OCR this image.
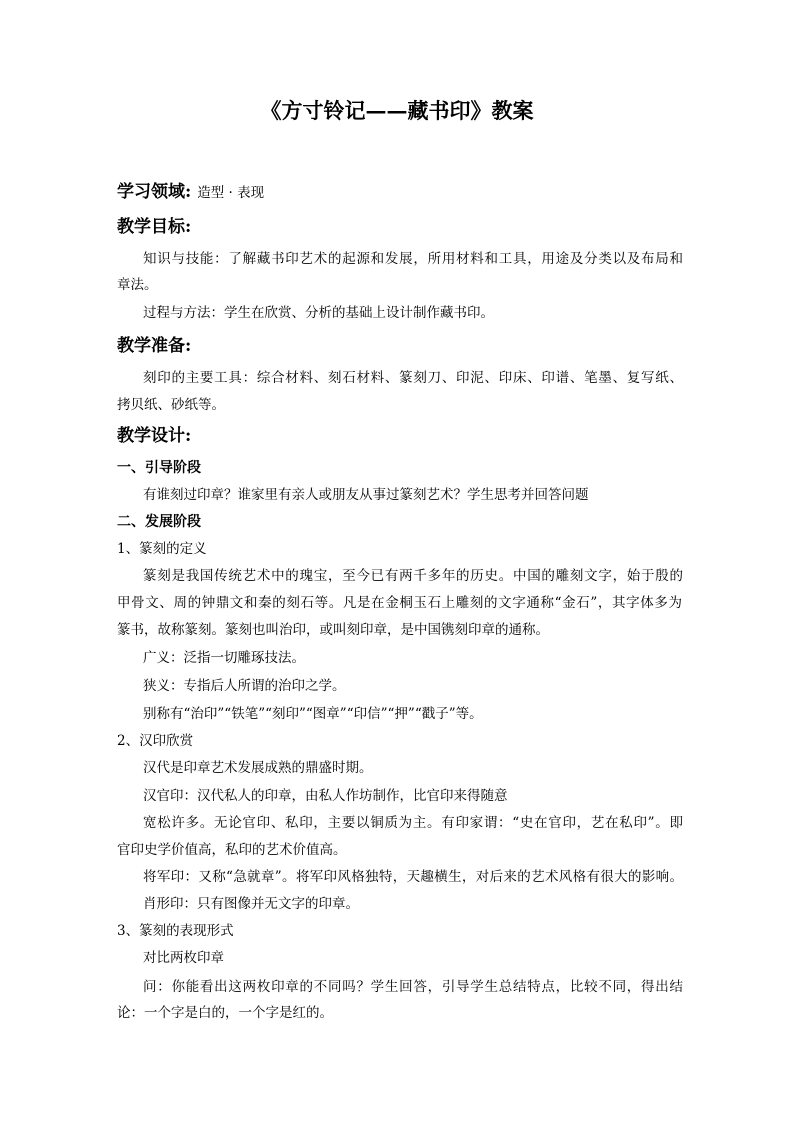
《方寸铃记——藏书印》教案
学习领域: 造型 · 表现
教学目标:
知识与技能：了解藏书印艺术的起源和发展，所用材料和工具，用途及分类以及布局和
章法。
过程与方法：学生在欣赏、分析的基础上设计制作藏书印。
教学准备:
刻印的主要工具：综合材料、刻石材料、篆刻刀、印泥、印床、印谱、笔墨、复写纸、
拷贝纸、砂纸等。
教学设计:
一、引导阶段
有谁刻过印章？谁家里有亲人或朋友从事过篆刻艺术？学生思考并回答问题
二、发展阶段
1、篆刻的定义
篆刻是我国传统艺术中的瑰宝，至今已有两千多年的历史。中国的雕刻文字，始于殷的
甲骨文、周的钟鼎文和秦的刻石等。凡是在金桐玉石上雕刻的文字通称“金石”，其字体多为
篆书，故称篆刻。篆刻也叫治印，或叫刻印章，是中国镌刻印章的通称。
广义：泛指一切雕琢技法。
狭义：专指后人所谓的治印之学。
别称有“治印”“铁笔”“刻印”“图章”“印信”“押”“戳子”等。
2、汉印欣赏
汉代是印章艺术发展成熟的鼎盛时期。
汉官印：汉代私人的印章，由私人作坊制作，比官印来得随意
宽松许多。无论官印、私印，主要以铜质为主。有印家谓：“史在官印，艺在私印”。即
官印史学价值高，私印的艺术价值高。
将军印：又称“急就章”。将军印风格独特，天趣横生，对后来的艺术风格有很大的影响。
肖形印：只有图像并无文字的印章。
3、篆刻的表现形式
对比两枚印章
问：你能看出这两枚印章的不同吗？学生回答，引导学生总结特点，比较不同，得出结
论：一个字是白的，一个字是红的。
